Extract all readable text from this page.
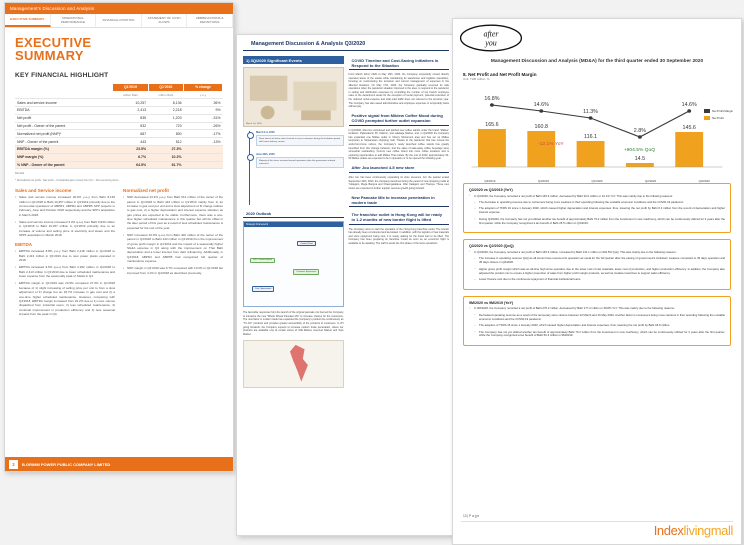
Management's Discussion and Analysis
EXECUTIVE SUMMARY	OPERATIONAL PERFORMANCE	FINANCIAL POSITION	STATEMENT OF CASH FLOWS
ABBREVIATIONS & DEFINITIONS
EXECUTIVE
SUMMARY
KEY FINANCIAL HIGHLIGHT
	Q1'2019	Q1'2018	% change
	million Baht	million Baht	y-o-y
Sales and service income	10,257	8,136	26%
EBITDA	2,413	2,218	9%
Net profit	835	1,203	-31%
Net profit - Owner of the parent	532	723	-26%
Normalized net profit (NNP)*	687	830	-17%
NNP - Owner of the parent	443	512	-13%
EBITDA margin (%)	23.5%	27.3%	
NNP margin (%)	6.7%	10.2%	
% NNP - Owner of the parent	64.5%	61.7%	
Remark
* Normalized net profit - Net profit – Unrealized gain / (loss) from FX – Non-recurring items
Sales and Service income
▪ Sales and service income increased 20.6% y-o-y from Baht 8,136 million in Q1'2018 to Baht 10,257 million in Q1'2019 primarily due to the commercial operations of ABPR3, ABPR4 and ABPR5 SPP projects in February, June and October 2018 respectively and the SPP1 acquisition in March 2018.
▪ Sales and service income increased 3.3% q-o-q from Baht 9,933 million in Q4'2018 to Baht 10,257 million in Q1'2019 primarily due to an increase of volume and selling price of electricity and steam and the SPP1 acquisition in March 2018.
EBITDA
▪ EBITDA increased 8.8% y-o-y from Baht 2,218 million in Q1'2018 to Baht 2,413 million in Q1'2019 due to new power plants operated in 2018.
▪ EBITDA increased 9.6% q-o-q from Baht 2,202 million in Q4'2018 to Baht 2,413 million in Q1'2019 due to lower scheduled maintenance and lower expense from the seasonally peak of SG&A in Q4.
▪ EBITDA margin in Q1'2019 was 23.5% compared 27.3% in Q1'2018 because of 1) slight increasing of selling price per unit to from a slow adjustment of Ft charge but an 18.7% increase in gas cost and 2) a one-time higher scheduled maintenance. However, comparing with Q4'2018, EBITDA margin increased from 22.2% due to 1) more volume dispatched from industrial users, 2) less scheduled maintenance, 3) continual improvement in production efficiency and 4) less seasonal impacts from the peak in Q4.
Normalized net profit
▪ NNP decreased 13.3% y-o-y from Baht 512 million of the owner of the parent in Q1'2018 to Baht 443 million in Q1'2019 mainly from 1) an increase in gas cost per unit and a slow adjustment of Ft charge relative to gas cost, 2) a higher depreciation and interest expense situation as gas prices are expected to be stable. Furthermore, there was a one-time higher scheduled maintenance in this quarter but will be offset in the later period of this year as a result of less scheduled maintenance is expected for the rest of the year.
▪ NNP increased 10.0% q-o-q from Baht 403 million of the owner of the parent in Q4'2018 to Baht 443 million in Q1'2019 from the improvement of gross profit margin in Q1'2019 and the impact of a seasonally higher SG&A expense in Q4 along with the improvement on Thai Baht depreciation and a lower interest from debt refinancing. Additionally, in Q4'2018, ABPR4 and ABPR5 had recognized full quarter of maintenance expense.
▪ NNP margin in Q1'2019 was 6.7% compared with 10.2% in Q1'2018 but improved from 4.1% in Q4'2018 as described previously.
2	B.GRIMM POWER PUBLIC COMPANY LIMITED
Management Discussion & Analysis Q3/2020
1) 3Q/2020 Significant Events
March 1st, 2020
March 1st, 2020
Store launch of online sales channel to serve customers during the lockdown period with home delivery service.
June 30th, 2020
Majority of the stores resumed normal operations after the government relaxed measures.
2020 Outlook
Strategic Framework
Content Pivot
O2O / Omni-channel
Customer Experience
Cost Optimization
The favorable responses from the launch of the original pancake mix has led the Company to introduce the new "Whole Wheat Pancake Mix" to increase choices for the customers. The new flavor in modern trade has expanded the Company's product line continuously as "Tin Dtr" products and provides greater accessibility of the products to customers. In 2H going forwards, the Company expects to increase modern trade penetration, where our products are available only at certain stores of Villa Market, Gourmet Market and Tops Market.
COVID Timeline and Cost-Saving Initiatives in Respond to the Situation
From March 22nd, 2020 to May 16th, 2020, the Company temporarily closed directly operated areas of the estate while maintaining its warehouse and logistics operations, focusing on restructuring the provision and current management of expenses in the affected locations. On May 17th, 2020, the Company gradually resumed its safe operations when the pandemic situation improved in the area, to respond to the pandemic in selling and distribution expenses by controlling the number of top branch employee rates to the department areas for the exception of rental payment, potential extension of the reduced rental expense and total road traffic does not referred to the previous year. The Company has also saved administrative and employee expenses in temporarily basis without pay.
Positive signal from Mildew Coffee Mood during COVID prompted further outlet expansion
In Q3/2020, After line introduced and pitched new coffee stands under the brand "Midlee" locations. Palamakurin 35, Kaltorm, and Lalatage Market, and, in Q3/2020 the Company has expanded one Midlee outlet in Victory Monument area and has set up Midlee temporary in Sinpanekan shopping mall. Thanks to the pandemic that has moved the work-from-home culture, the Company's newly launched coffee stands has greatly benefited from this change behavior, and the sales of take-away coffee beverage were somewhat outstanding. Current new coffee brand into more coffee locations and is exploring opportunities to add Midlee Thai outlets. By the end of 2020, approximately 40-50 Midlee outlets are expected to be in operation or to be opened the following year.
After Jou launched 4-5 new store
After Jou has been continuously expanding its store presence. For the quarter ended September 30th, 2020, the Company launched during the period of new shopping malls at Yuttagarn, Mega Bangna and Chaengwattana. Wan Kalagarn and Thaniya. These new stores are expected to further support revenue growth going forward.
New Pancake Mix to increase penetration in modern trade
The franchise outlet in Hong Kong will be ready in 1-2 months of new border flight is lifted
The Company aims to start the operation of the Hong Kong franchise outlet. The branch has already been constructed and decorated. In addition, with the logistics of raw materials and store equipment being sent, it is ready, waiting for the travel ban to be lifted. The Company has been preparing its franchise model as soon as an economic flight is available to be awaiting. The staff to assist the first phase of the store operations.
after
you
Management Discussion and Analysis (MD&A) for the third quarter ended 30 September 2020
8. Net Profit and Net Profit Margin
Unit: THB million, %
16.8%
14.6%
11.3%
2.8%
14.6%
165.6	160.8
116.1
14.5
145.6
-12.1% YoY
+904.5% QoQ
Q3/2019	Q4/2019	Q1/2020	Q2/2020	Q3/2020
Net Profit Margin
Net Profit
Q3/2020 vs Q3/2019 (YoY)
▪ In Q3/2020, the Company recorded a net profit of Baht 145.6 million, decreased by Baht 20.0 million or 12.1% YoY. This was mainly due to the following reasons:
– The decrease in operating revenue due to consumers being more cautious in their spending following the unstable economic conditions and the COVID-19 pandemic.
– The adoption of TFRS 16 since 1 January 2020, which caused higher depreciation and interest expenses; thus, lowering the net profit by Baht 6.3 million from the record of depreciation and higher interest expense.
– During Q3/2020, the Company has not yet utilized another tax benefit of approximately Baht 70.2 million from the investment in new machinery, which can be continuously utilized for 3 years after the first quarter, while the Company recognized a tax benefit of Baht 25.5 million in Q3/2019.
Q3/2020 vs Q2/2020 (QoQ)
▪ In Q3/2020, the Company recorded a net profit of Baht 145.6 million, increased by Baht 131.1 million or 904.5% QoQ. This was mainly due to the following reasons:
– The increase in operating revenue QoQ as all stores have resumed its operation as usual for the full quarter after the easing of government's lockdown measure compared to 45 days operation and 45 days closure in Q2/2020.
– Higher gross profit margin which was an all-time high since operation due to the lower cost of raw materials, lower cost of production, and higher production efficiency. In addition, the Company also adjusted the product mix to ensure a higher proportion of sales from higher profit margin products, as well as creative incentives to support sales efficiency.
– Lower finance cost due to the continuous repayment of financial institutional loans.
9M/2020 vs 9M/2019 (YoY)
▪ In 9M/2020, the Company recorded a net profit of Baht 276.2 million, decreased by Baht 177.2 million or 38.8% YoY. This was mainly due to the following reasons:
– Decreased operating revenue as a result of the temporary store closure between 22 March and 16 May 2020. Another factor is consumers being more cautious in their spending following the unstable economic conditions and the COVID-19 pandemic.
– The adoption of TFRS 16 since 1 January 2020, which caused higher depreciation and interest expenses; thus, lowering the net profit by Baht 18.9 million.
– The Company has not yet utilized another tax benefit of approximately Baht 70.2 million from the investment in new machinery, which can be continuously utilized for 3 years after the first quarter, while the Company recognized a tax benefit of Baht 50.3 million in 9M/2019.
13 | P a g e
Indexlivingmall
